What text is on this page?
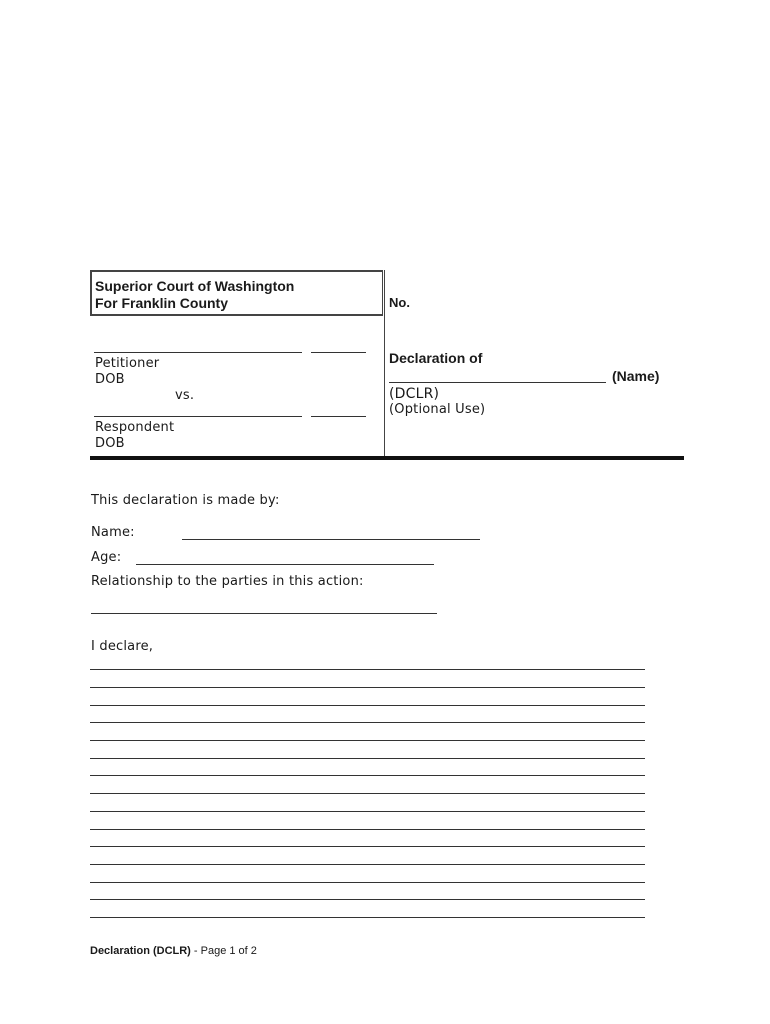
Superior Court of Washington
For Franklin County	No.
Petitioner
DOB
vs.
Respondent
DOB
Declaration of
(Name)
(DCLR)
(Optional Use)
This declaration is made by:
Name:
Age:
Relationship to the parties in this action:
I declare,
Declaration (DCLR) - Page 1 of 2
